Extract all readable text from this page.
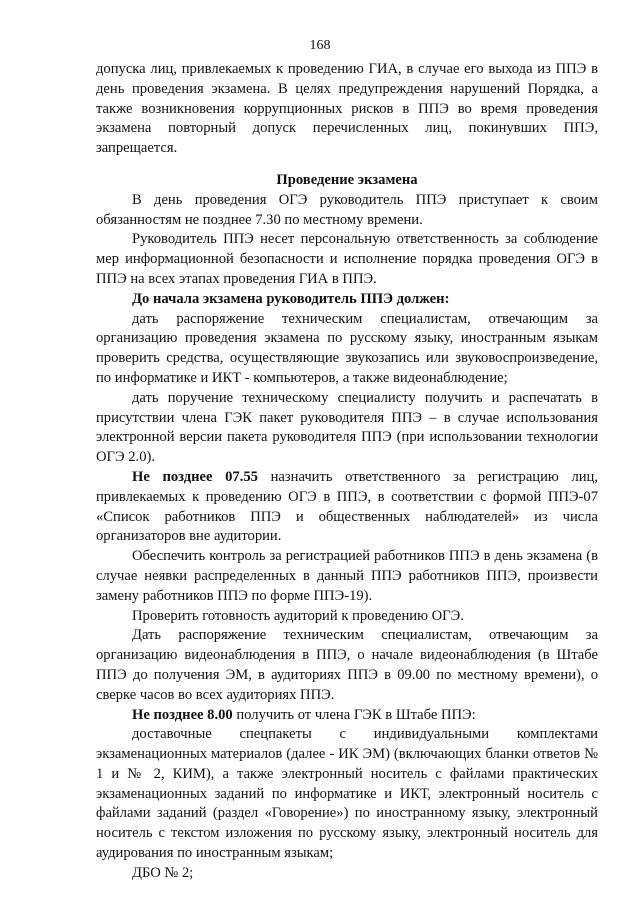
168

допуска лиц, привлекаемых к проведению ГИА, в случае его выхода из ППЭ в день проведения экзамена. В целях предупреждения нарушений Порядка, а также возникновения коррупционных рисков в ППЭ во время проведения экзамена повторный допуск перечисленных лиц, покинувших ППЭ, запрещается.

Проведение экзамена

В день проведения ОГЭ руководитель ППЭ приступает к своим обязанностям не позднее 7.30 по местному времени.

Руководитель ППЭ несет персональную ответственность за соблюдение мер информационной безопасности и исполнение порядка проведения ОГЭ в ППЭ на всех этапах проведения ГИА в ППЭ.

До начала экзамена руководитель ППЭ должен:

дать распоряжение техническим специалистам, отвечающим за организацию проведения экзамена по русскому языку, иностранным языкам проверить средства, осуществляющие звукозапись или звуковоспроизведение, по информатике и ИКТ - компьютеров, а также видеонаблюдение;

дать поручение техническому специалисту получить и распечатать в присутствии члена ГЭК пакет руководителя ППЭ – в случае использования электронной версии пакета руководителя ППЭ (при использовании технологии ОГЭ 2.0).

Не позднее 07.55 назначить ответственного за регистрацию лиц, привлекаемых к проведению ОГЭ в ППЭ, в соответствии с формой ППЭ-07 «Список работников ППЭ и общественных наблюдателей» из числа организаторов вне аудитории.

Обеспечить контроль за регистрацией работников ППЭ в день экзамена (в случае неявки распределенных в данный ППЭ работников ППЭ, произвести замену работников ППЭ по форме ППЭ-19).

Проверить готовность аудиторий к проведению ОГЭ.

Дать распоряжение техническим специалистам, отвечающим за организацию видеонаблюдения в ППЭ, о начале видеонаблюдения (в Штабе ППЭ до получения ЭМ, в аудиториях ППЭ в 09.00 по местному времени), о сверке часов во всех аудиториях ППЭ.

Не позднее 8.00 получить от члена ГЭК в Штабе ППЭ:

доставочные спецпакеты с индивидуальными комплектами экзаменационных материалов (далее - ИК ЭМ) (включающих бланки ответов № 1 и № 2, КИМ), а также электронный носитель с файлами практических экзаменационных заданий по информатике и ИКТ, электронный носитель с файлами заданий (раздел «Говорение») по иностранному языку, электронный носитель с текстом изложения по русскому языку, электронный носитель для аудирования по иностранным языкам;

ДБО № 2;
